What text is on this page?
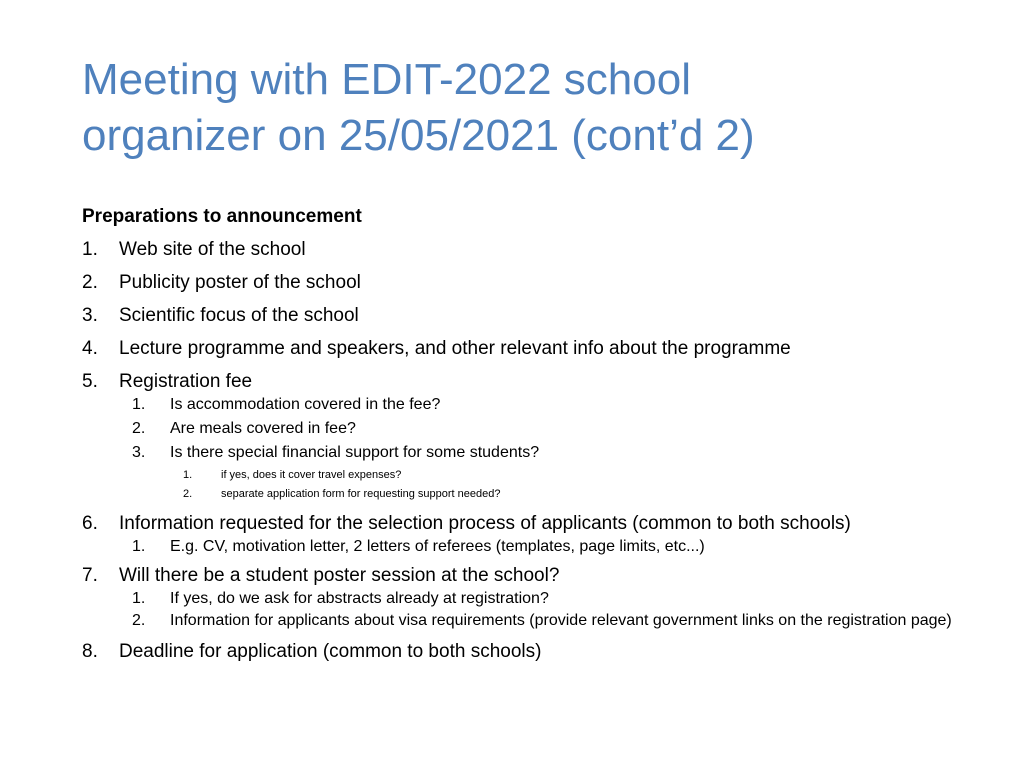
Meeting with EDIT-2022 school
organizer on 25/05/2021 (cont’d 2)
Preparations to announcement
1. Web site of the school
2. Publicity poster of the school
3. Scientific focus of the school
4. Lecture programme and speakers, and other relevant info about the programme
5. Registration fee
1. Is accommodation covered in the fee?
2. Are meals covered in fee?
3. Is there special financial support for some students?
1.	if yes, does it cover travel expenses?
2.	separate application form for requesting support needed?
6. Information requested for the selection process of applicants (common to both schools)
1. E.g. CV, motivation letter, 2 letters of referees (templates, page limits, etc...)
7. Will there be a student poster session at the school?
1. If yes, do we ask for abstracts already at registration?
2. Information for applicants about visa requirements (provide relevant government links on the registration page)
8. Deadline for application (common to both schools)
